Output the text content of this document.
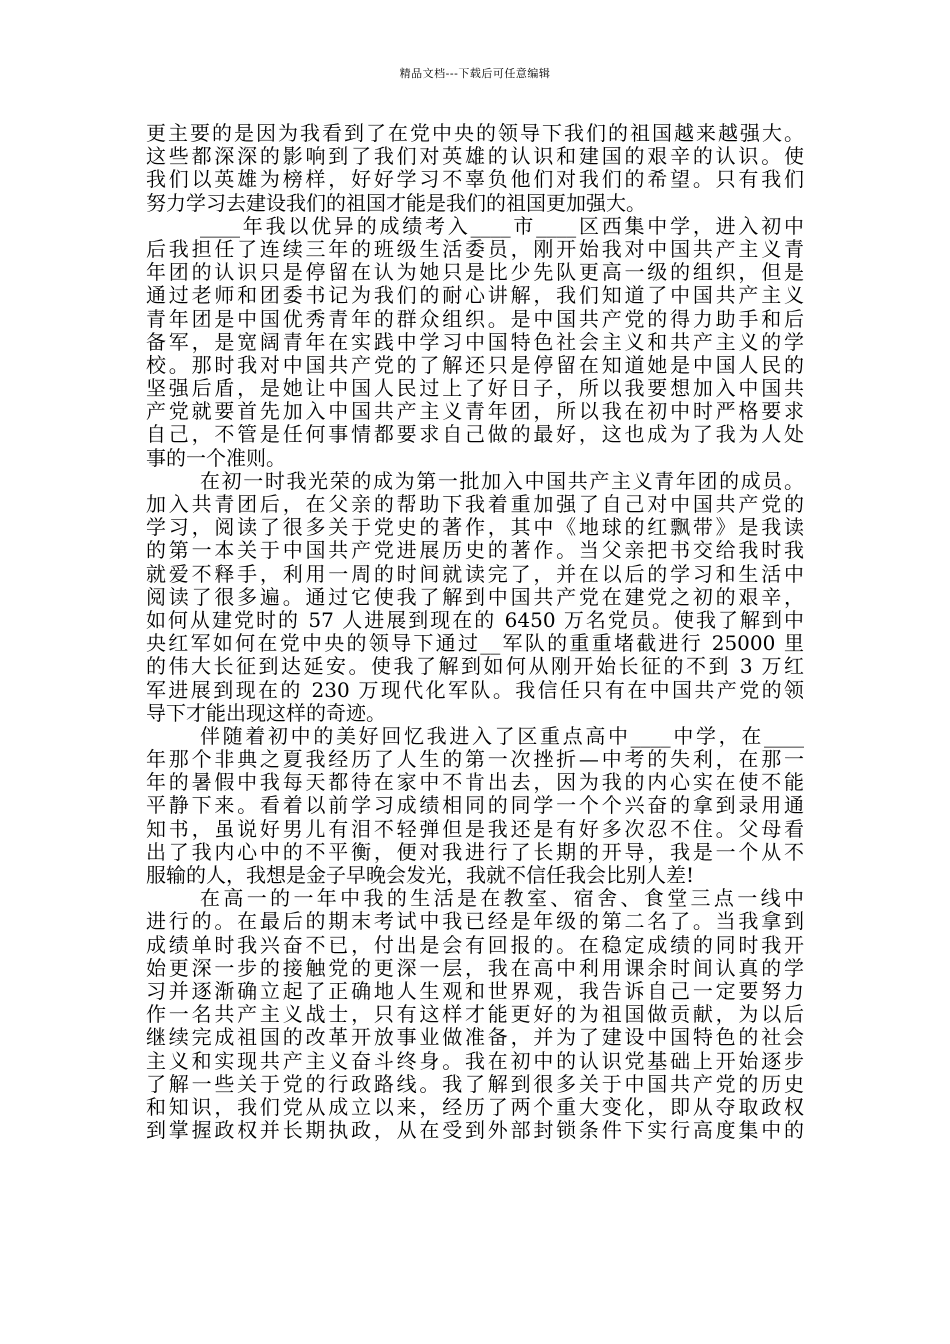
精品文档---下载后可任意编辑
更主要的是因为我看到了在党中央的领导下我们的祖国越来越强大。
这些都深深的影响到了我们对英雄的认识和建国的艰辛的认识。使
我们以英雄为榜样，好好学习不辜负他们对我们的希望。只有我们
努力学习去建设我们的祖国才能是我们的祖国更加强大。
____年我以优异的成绩考入____市____区西集中学，进入初中
后我担任了连续三年的班级生活委员，刚开始我对中国共产主义青
年团的认识只是停留在认为她只是比少先队更高一级的组织，但是
通过老师和团委书记为我们的耐心讲解，我们知道了中国共产主义
青年团是中国优秀青年的群众组织。是中国共产党的得力助手和后
备军，是宽阔青年在实践中学习中国特色社会主义和共产主义的学
校。那时我对中国共产党的了解还只是停留在知道她是中国人民的
坚强后盾，是她让中国人民过上了好日子，所以我要想加入中国共
产党就要首先加入中国共产主义青年团，所以我在初中时严格要求
自己，不管是任何事情都要求自己做的最好，这也成为了我为人处
事的一个准则。
在初一时我光荣的成为第一批加入中国共产主义青年团的成员。
加入共青团后，在父亲的帮助下我着重加强了自己对中国共产党的
学习，阅读了很多关于党史的著作，其中《地球的红飘带》是我读
的第一本关于中国共产党进展历史的著作。当父亲把书交给我时我
就爱不释手，利用一周的时间就读完了，并在以后的学习和生活中
阅读了很多遍。通过它使我了解到中国共产党在建党之初的艰辛，
如何从建党时的 57 人进展到现在的 6450 万名党员。使我了解到中
央红军如何在党中央的领导下通过__军队的重重堵截进行 25000 里
的伟大长征到达延安。使我了解到如何从刚开始长征的不到 3 万红
军进展到现在的 230 万现代化军队。我信任只有在中国共产党的领
导下才能出现这样的奇迹。
伴随着初中的美好回忆我进入了区重点高中____中学，在____
年那个非典之夏我经历了人生的第一次挫折—中考的失利，在那一
年的暑假中我每天都待在家中不肯出去，因为我的内心实在使不能
平静下来。看着以前学习成绩相同的同学一个个兴奋的拿到录用通
知书，虽说好男儿有泪不轻弹但是我还是有好多次忍不住。父母看
出了我内心中的不平衡，便对我进行了长期的开导，我是一个从不
服输的人，我想是金子早晚会发光，我就不信任我会比别人差!
在高一的一年中我的生活是在教室、宿舍、食堂三点一线中
进行的。在最后的期末考试中我已经是年级的第二名了。当我拿到
成绩单时我兴奋不已，付出是会有回报的。在稳定成绩的同时我开
始更深一步的接触党的更深一层，我在高中利用课余时间认真的学
习并逐渐确立起了正确地人生观和世界观，我告诉自己一定要努力
作一名共产主义战士，只有这样才能更好的为祖国做贡献，为以后
继续完成祖国的改革开放事业做准备，并为了建设中国特色的社会
主义和实现共产主义奋斗终身。我在初中的认识党基础上开始逐步
了解一些关于党的行政路线。我了解到很多关于中国共产党的历史
和知识，我们党从成立以来，经历了两个重大变化，即从夺取政权
到掌握政权并长期执政，从在受到外部封锁条件下实行高度集中的
